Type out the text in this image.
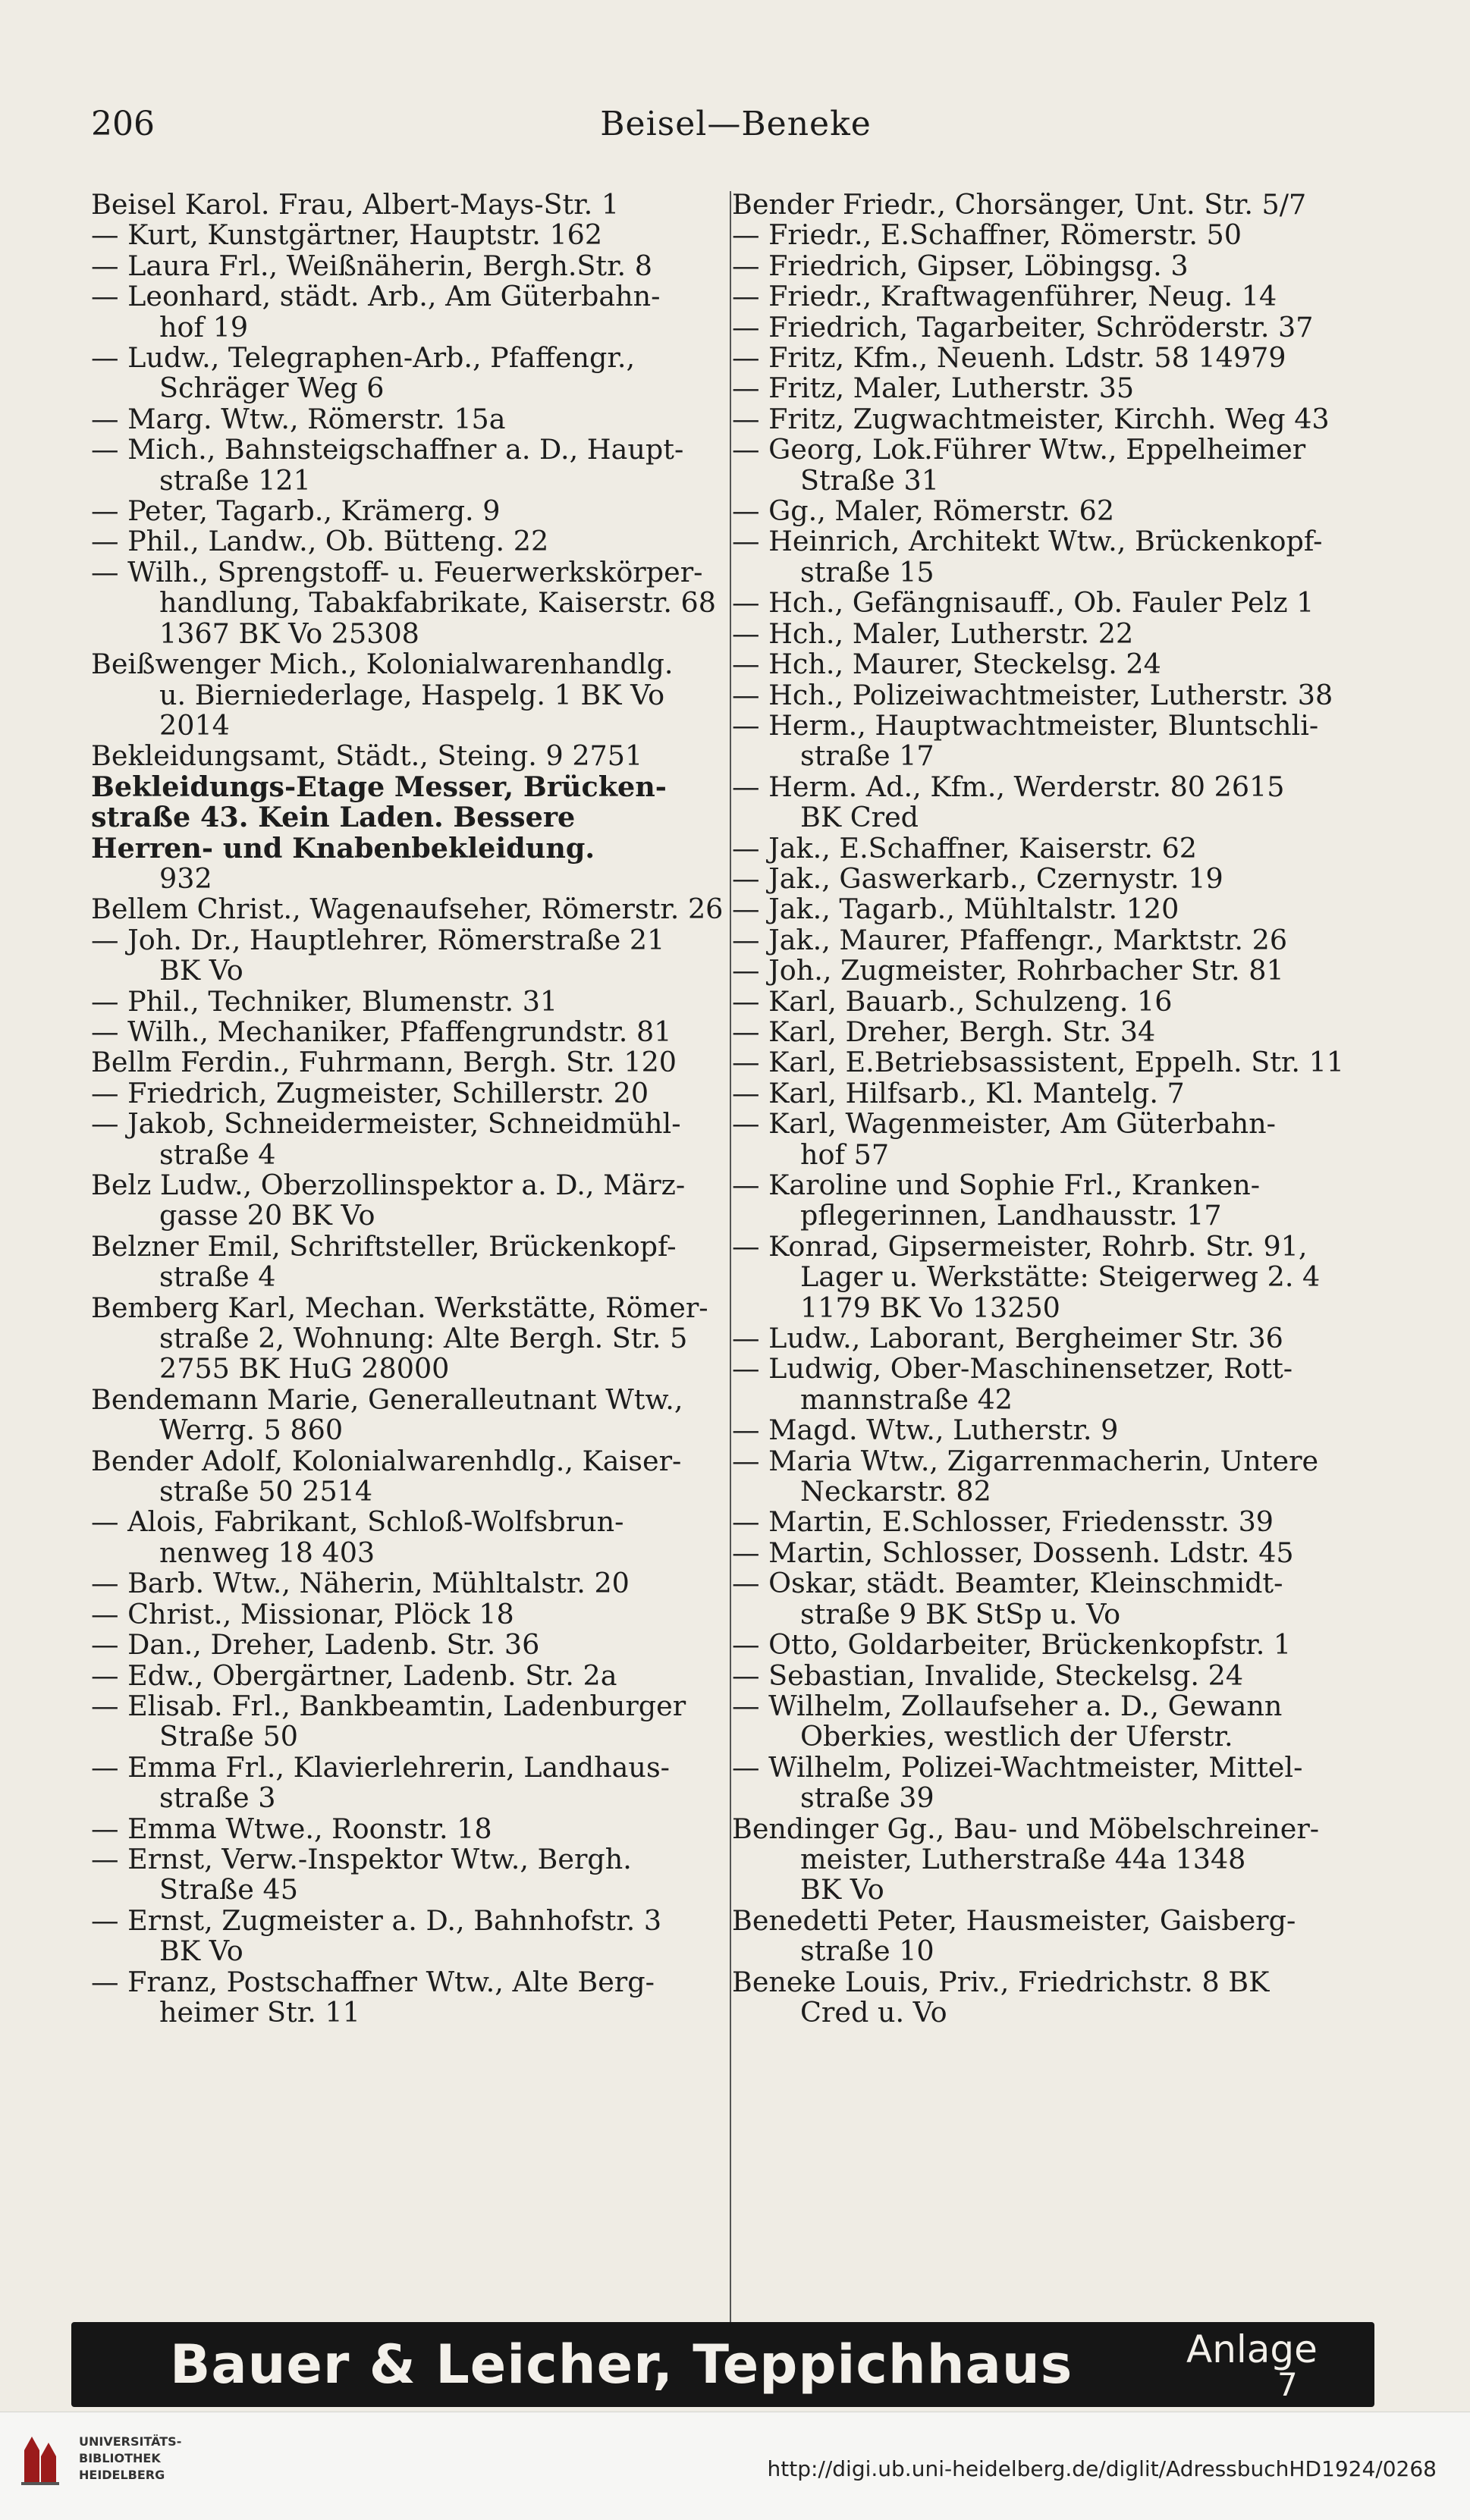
206	Beisel—Beneke
Beisel Karol. Frau, Albert-Mays-Str. 1
— Kurt, Kunstgärtner, Hauptstr. 162
— Laura Frl., Weißnäherin, Bergh.Str. 8
— Leonhard, städt. Arb., Am Güterbahn-
hof 19
— Ludw., Telegraphen-Arb., Pfaffengr.,
Schräger Weg 6
— Marg. Wtw., Römerstr. 15a
— Mich., Bahnsteigschaffner a. D., Haupt-
straße 121
— Peter, Tagarb., Krämerg. 9
— Phil., Landw., Ob. Bütteng. 22
— Wilh., Sprengstoff- u. Feuerwerkskörper-
handlung, Tabakfabrikate, Kaiserstr. 68
1367 BK Vo 25308
Beißwenger Mich., Kolonialwarenhandlg.
u. Bierniederlage, Haspelg. 1 BK Vo
2014
Bekleidungsamt, Städt., Steing. 9 2751
Bekleidungs-Etage Messer, Brücken-
straße 43. Kein Laden. Bessere
Herren- und Knabenbekleidung.
932
Bellem Christ., Wagenaufseher, Römerstr. 26
— Joh. Dr., Hauptlehrer, Römerstraße 21
BK Vo
— Phil., Techniker, Blumenstr. 31
— Wilh., Mechaniker, Pfaffengrundstr. 81
Bellm Ferdin., Fuhrmann, Bergh. Str. 120
— Friedrich, Zugmeister, Schillerstr. 20
— Jakob, Schneidermeister, Schneidmühl-
straße 4
Belz Ludw., Oberzollinspektor a. D., März-
gasse 20 BK Vo
Belzner Emil, Schriftsteller, Brückenkopf-
straße 4
Bemberg Karl, Mechan. Werkstätte, Römer-
straße 2, Wohnung: Alte Bergh. Str. 5
2755 BK HuG 28000
Bendemann Marie, Generalleutnant Wtw.,
Werrg. 5 860
Bender Adolf, Kolonialwarenhdlg., Kaiser-
straße 50 2514
— Alois, Fabrikant, Schloß-Wolfsbrun-
nenweg 18 403
— Barb. Wtw., Näherin, Mühltalstr. 20
— Christ., Missionar, Plöck 18
— Dan., Dreher, Ladenb. Str. 36
— Edw., Obergärtner, Ladenb. Str. 2a
— Elisab. Frl., Bankbeamtin, Ladenburger
Straße 50
— Emma Frl., Klavierlehrerin, Landhaus-
straße 3
— Emma Wtwe., Roonstr. 18
— Ernst, Verw.-Inspektor Wtw., Bergh.
Straße 45
— Ernst, Zugmeister a. D., Bahnhofstr. 3
BK Vo
— Franz, Postschaffner Wtw., Alte Berg-
heimer Str. 11
Bender Friedr., Chorsänger, Unt. Str. 5/7
— Friedr., E.Schaffner, Römerstr. 50
— Friedrich, Gipser, Löbingsg. 3
— Friedr., Kraftwagenführer, Neug. 14
— Friedrich, Tagarbeiter, Schröderstr. 37
— Fritz, Kfm., Neuenh. Ldstr. 58 14979
— Fritz, Maler, Lutherstr. 35
— Fritz, Zugwachtmeister, Kirchh. Weg 43
— Georg, Lok.Führer Wtw., Eppelheimer
Straße 31
— Gg., Maler, Römerstr. 62
— Heinrich, Architekt Wtw., Brückenkopf-
straße 15
— Hch., Gefängnisauff., Ob. Fauler Pelz 1
— Hch., Maler, Lutherstr. 22
— Hch., Maurer, Steckelsg. 24
— Hch., Polizeiwachtmeister, Lutherstr. 38
— Herm., Hauptwachtmeister, Bluntschli-
straße 17
— Herm. Ad., Kfm., Werderstr. 80 2615
BK Cred
— Jak., E.Schaffner, Kaiserstr. 62
— Jak., Gaswerkarb., Czernystr. 19
— Jak., Tagarb., Mühltalstr. 120
— Jak., Maurer, Pfaffengr., Marktstr. 26
— Joh., Zugmeister, Rohrbacher Str. 81
— Karl, Bauarb., Schulzeng. 16
— Karl, Dreher, Bergh. Str. 34
— Karl, E.Betriebsassistent, Eppelh. Str. 11
— Karl, Hilfsarb., Kl. Mantelg. 7
— Karl, Wagenmeister, Am Güterbahn-
hof 57
— Karoline und Sophie Frl., Kranken-
pflegerinnen, Landhausstr. 17
— Konrad, Gipsermeister, Rohrb. Str. 91,
Lager u. Werkstätte: Steigerweg 2. 4
1179 BK Vo 13250
— Ludw., Laborant, Bergheimer Str. 36
— Ludwig, Ober-Maschinensetzer, Rott-
mannstraße 42
— Magd. Wtw., Lutherstr. 9
— Maria Wtw., Zigarrenmacherin, Untere
Neckarstr. 82
— Martin, E.Schlosser, Friedensstr. 39
— Martin, Schlosser, Dossenh. Ldstr. 45
— Oskar, städt. Beamter, Kleinschmidt-
straße 9 BK StSp u. Vo
— Otto, Goldarbeiter, Brückenkopfstr. 1
— Sebastian, Invalide, Steckelsg. 24
— Wilhelm, Zollaufseher a. D., Gewann
Oberkies, westlich der Uferstr.
— Wilhelm, Polizei-Wachtmeister, Mittel-
straße 39
Bendinger Gg., Bau- und Möbelschreiner-
meister, Lutherstraße 44a 1348
BK Vo
Benedetti Peter, Hausmeister, Gaisberg-
straße 10
Beneke Louis, Priv., Friedrichstr. 8 BK
Cred u. Vo
Bauer & Leicher, Teppichhaus	Anlage
7
UNIVERSITÄTS-
BIBLIOTHEK
HEIDELBERG	http://digi.ub.uni-heidelberg.de/diglit/AdressbuchHD1924/0268
